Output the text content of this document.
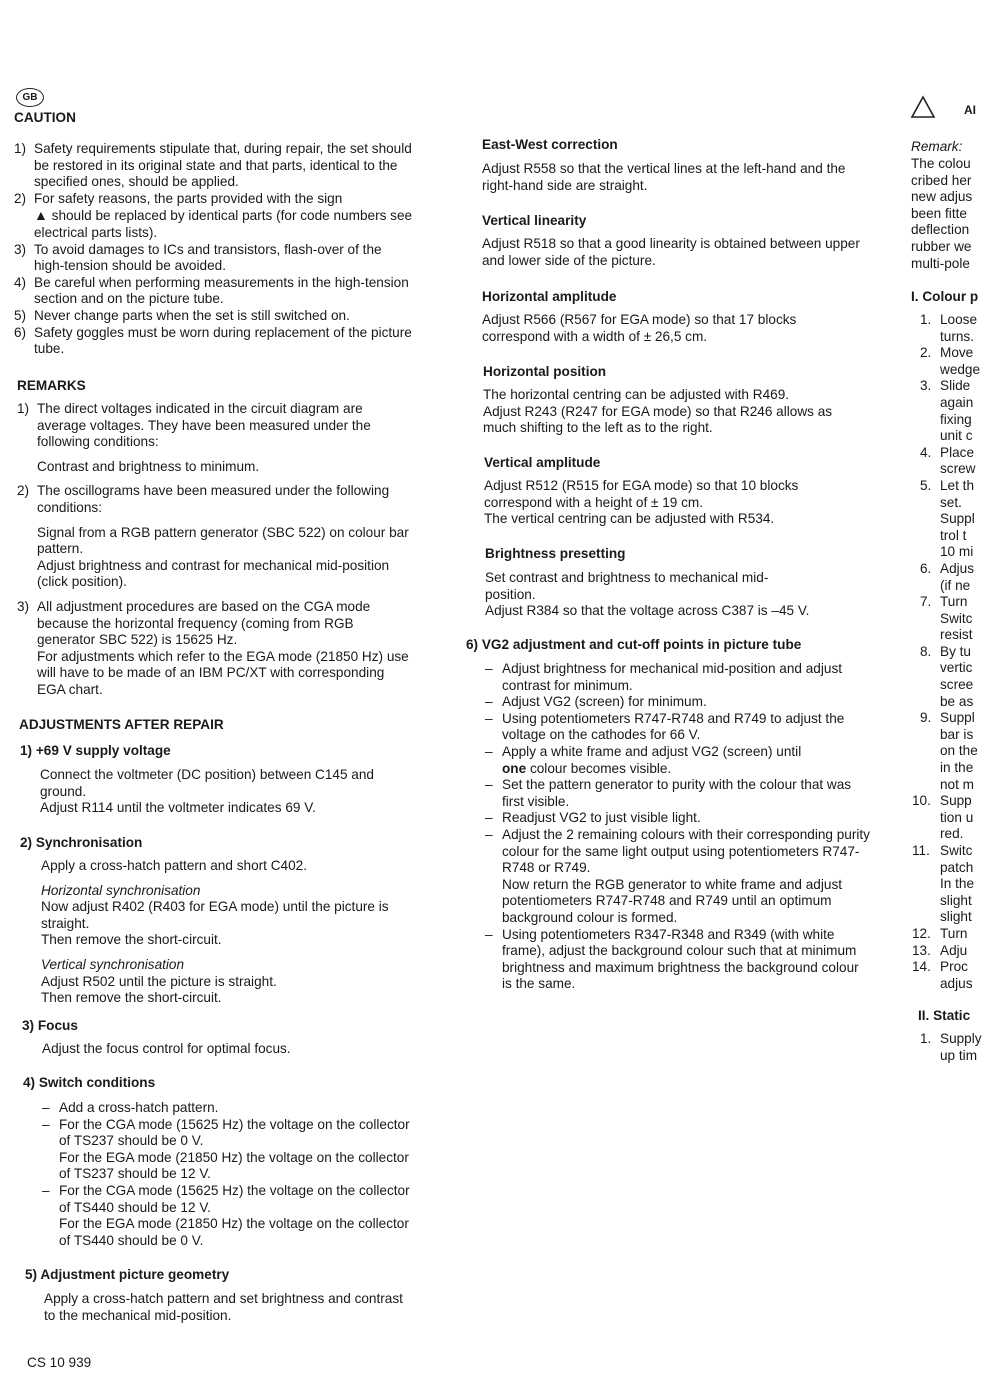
GB
CAUTION

1) Safety requirements stipulate that, during repair, the set should be restored in its original state and that parts, identical to the specified ones, should be applied.

2) For safety reasons, the parts provided with the sign
▲ should be replaced by identical parts (for code numbers see electrical parts lists).

3) To avoid damages to ICs and transistors, flash-over of the high-tension should be avoided.

4) Be careful when performing measurements in the high-tension section and on the picture tube.

5) Never change parts when the set is still switched on.

6) Safety goggles must be worn during replacement of the picture tube.

REMARKS

1) The direct voltages indicated in the circuit diagram are average voltages. They have been measured under the following conditions:

Contrast and brightness to minimum.

2) The oscillograms have been measured under the following conditions:

Signal from a RGB pattern generator (SBC 522) on colour bar pattern.
Adjust brightness and contrast for mechanical mid-position (click position).

3) All adjustment procedures are based on the CGA mode because the horizontal frequency (coming from RGB generator SBC 522) is 15625 Hz.
For adjustments which refer to the EGA mode (21850 Hz) use will have to be made of an IBM PC/XT with corresponding EGA chart.

ADJUSTMENTS AFTER REPAIR
1) +69 V supply voltage

Connect the voltmeter (DC position) between C145 and ground.

Adjust R114 until the voltmeter indicates 69 V.

2) Synchronisation

Apply a cross-hatch pattern and short C402.

Horizontal synchronisation

Now adjust R402 (R403 for EGA mode) until the picture is straight.

Then remove the short-circuit.

Vertical synchronisation

Adjust R502 until the picture is straight.

Then remove the short-circuit.

3) Focus

Adjust the focus control for optimal focus.

4) Switch conditions

– Add a cross-hatch pattern.

– For the CGA mode (15625 Hz) the voltage on the collector of TS237 should be 0 V.
For the EGA mode (21850 Hz) the voltage on the collector of TS237 should be 12 V.

– For the CGA mode (15625 Hz) the voltage on the collector of TS440 should be 12 V.
For the EGA mode (21850 Hz) the voltage on the collector of TS440 should be 0 V.

5) Adjustment picture geometry

Apply a cross-hatch pattern and set brightness and contrast to the mechanical mid-position.

CS 10 939
East-West correction

Adjust R558 so that the vertical lines at the left-hand and the right-hand side are straight.

Vertical linearity

Adjust R518 so that a good linearity is obtained between upper and lower side of the picture.

Horizontal amplitude

Adjust R566 (R567 for EGA mode) so that 17 blocks correspond with a width of ± 26,5 cm.

Horizontal position

The horizontal centring can be adjusted with R469.

Adjust R243 (R247 for EGA mode) so that R246 allows as much shifting to the left as to the right.

Vertical amplitude

Adjust R512 (R515 for EGA mode) so that 10 blocks correspond with a height of ± 19 cm.

The vertical centring can be adjusted with R534.

Brightness presetting

Set contrast and brightness to mechanical mid-position.

Adjust R384 so that the voltage across C387 is –45 V.

6) VG2 adjustment and cut-off points in picture tube

– Adjust brightness for mechanical mid-position and adjust contrast for minimum.

– Adjust VG2 (screen) for minimum.

– Using potentiometers R747-R748 and R749 to adjust the voltage on the cathodes for 66 V.

– Apply a white frame and adjust VG2 (screen) until
one colour becomes visible.

– Set the pattern generator to purity with the colour that was first visible.

– Readjust VG2 to just visible light.

– Adjust the 2 remaining colours with their corresponding purity colour for the same light output using potentiometers R747-R748 or R749.
Now return the RGB generator to white frame and adjust potentiometers R747-R748 and R749 until an optimum background colour is formed.

– Using potentiometers R347-R348 and R349 (with white frame), adjust the background colour such that at minimum brightness and maximum brightness the background colour is the same.

AI
Remark:
The colou
cribed her
new adjus
been fitte
deflection
rubber we
multi-pole
I. Colour p
1. Loose
turns.
2. Move
wedge
3. Slide
again
fixing
unit c
4. Place
screw
5. Let th
set.
Suppl
trol t
10 mi
6. Adjus
(if ne
7. Turn
Switc
resist
8. By tu
vertic
scree
be as
9. Suppl
bar is
on the
in the
not m
10. Supp
tion u
red.
11. Switc
patch
In the
slight
slight
12. Turn
13. Adju
14. Proc
adjus
II. Static
1. Supply
up tim
